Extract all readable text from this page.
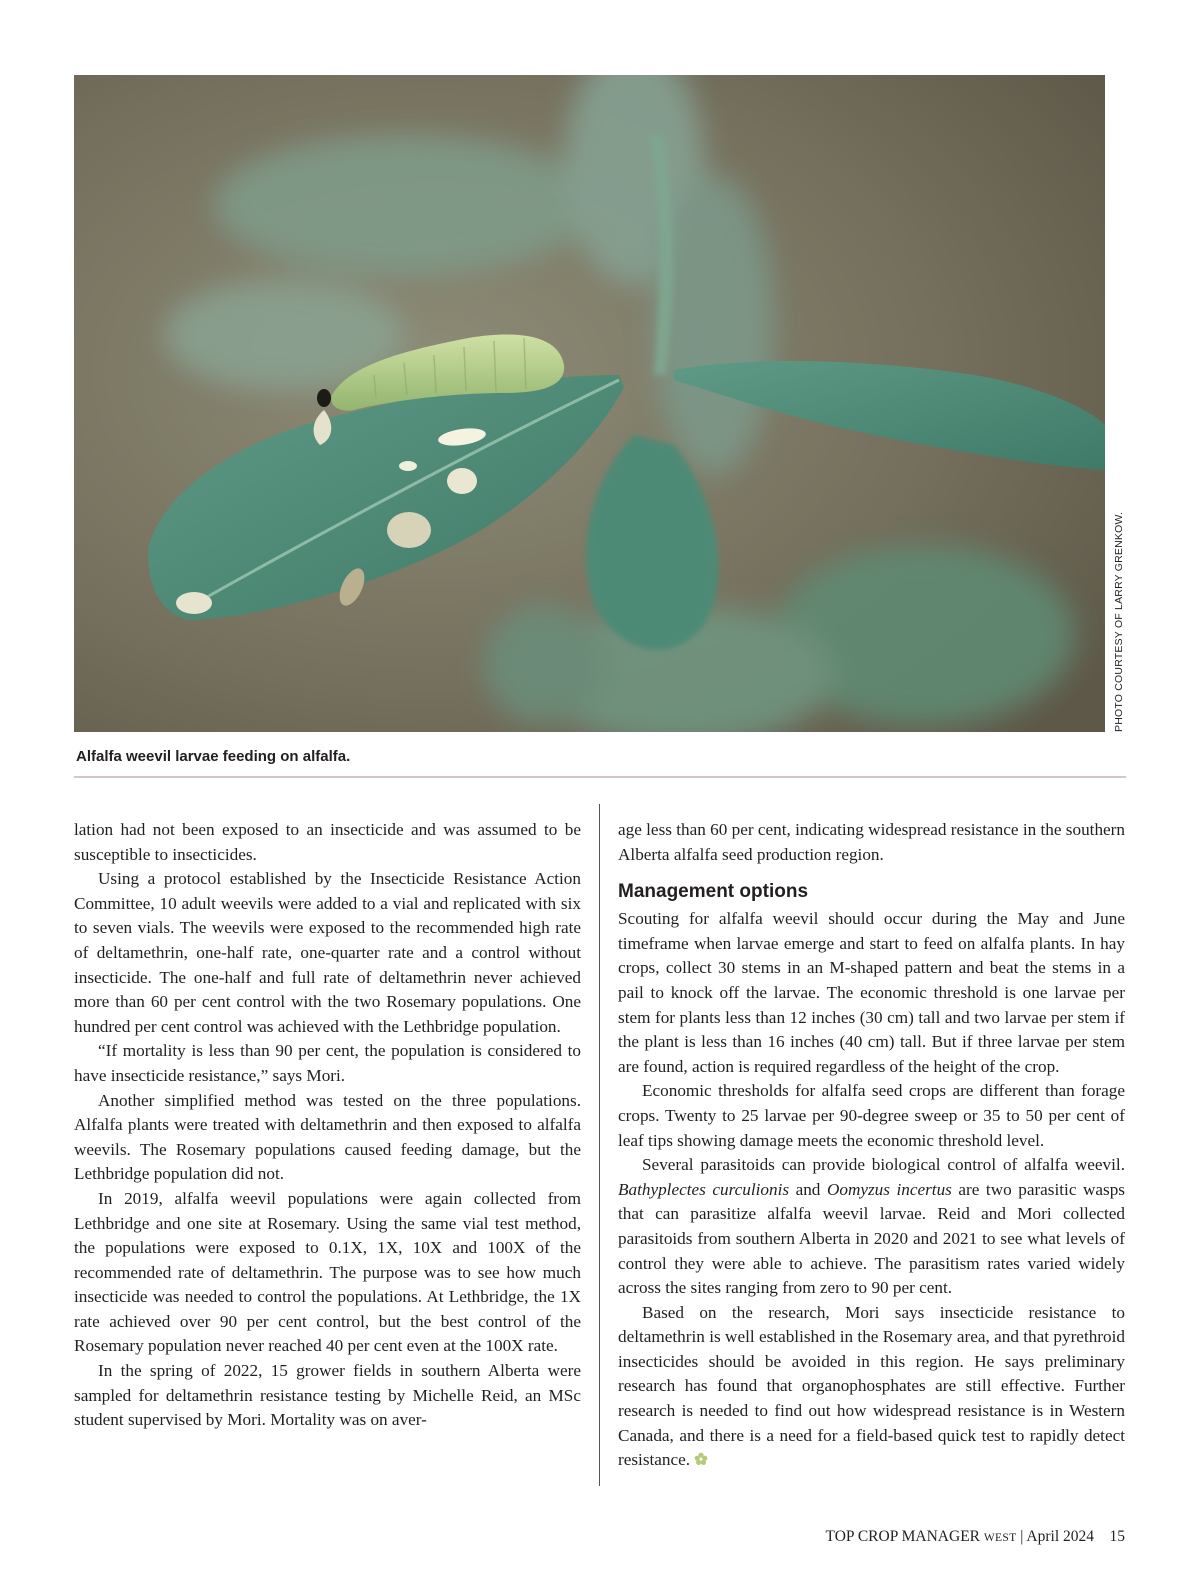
PHOTO COURTESY OF LARRY GRENKOW.
Alfalfa weevil larvae feeding on alfalfa.

lation had not been exposed to an insecticide and was assumed to be susceptible to insecticides.

Using a protocol established by the Insecticide Resistance Action Committee, 10 adult weevils were added to a vial and replicated with six to seven vials. The weevils were exposed to the recommended high rate of deltamethrin, one-half rate, one-quarter rate and a control without insecticide. The one-half and full rate of deltamethrin never achieved more than 60 per cent control with the two Rosemary populations. One hundred per cent control was achieved with the Lethbridge population.

“If mortality is less than 90 per cent, the population is considered to have insecticide resistance,” says Mori.

Another simplified method was tested on the three populations. Alfalfa plants were treated with deltamethrin and then exposed to alfalfa weevils. The Rosemary populations caused feeding damage, but the Lethbridge population did not.

In 2019, alfalfa weevil populations were again collected from Lethbridge and one site at Rosemary. Using the same vial test method, the populations were exposed to 0.1X, 1X, 10X and 100X of the recommended rate of deltamethrin. The purpose was to see how much insecticide was needed to control the populations. At Lethbridge, the 1X rate achieved over 90 per cent control, but the best control of the Rosemary population never reached 40 per cent even at the 100X rate.

In the spring of 2022, 15 grower fields in southern Alberta were sampled for deltamethrin resistance testing by Michelle Reid, an MSc student supervised by Mori. Mortality was on aver-

age less than 60 per cent, indicating widespread resistance in the southern Alberta alfalfa seed production region.

Management options

Scouting for alfalfa weevil should occur during the May and June timeframe when larvae emerge and start to feed on alfalfa plants. In hay crops, collect 30 stems in an M-shaped pattern and beat the stems in a pail to knock off the larvae. The economic threshold is one larvae per stem for plants less than 12 inches (30 cm) tall and two larvae per stem if the plant is less than 16 inches (40 cm) tall. But if three larvae per stem are found, action is required regardless of the height of the crop.

Economic thresholds for alfalfa seed crops are different than forage crops. Twenty to 25 larvae per 90-degree sweep or 35 to 50 per cent of leaf tips showing damage meets the economic threshold level.

Several parasitoids can provide biological control of alfalfa weevil. Bathyplectes curculionis and Oomyzus incertus are two parasitic wasps that can parasitize alfalfa weevil larvae. Reid and Mori collected parasitoids from southern Alberta in 2020 and 2021 to see what levels of control they were able to achieve. The parasitism rates varied widely across the sites ranging from zero to 90 per cent.

Based on the research, Mori says insecticide resistance to deltamethrin is well established in the Rosemary area, and that pyrethroid insecticides should be avoided in this region. He says preliminary research has found that organophosphates are still effective. Further research is needed to find out how widespread resistance is in Western Canada, and there is a need for a field-based quick test to rapidly detect resistance.

TOP CROP MANAGER WEST | April 2024 15
